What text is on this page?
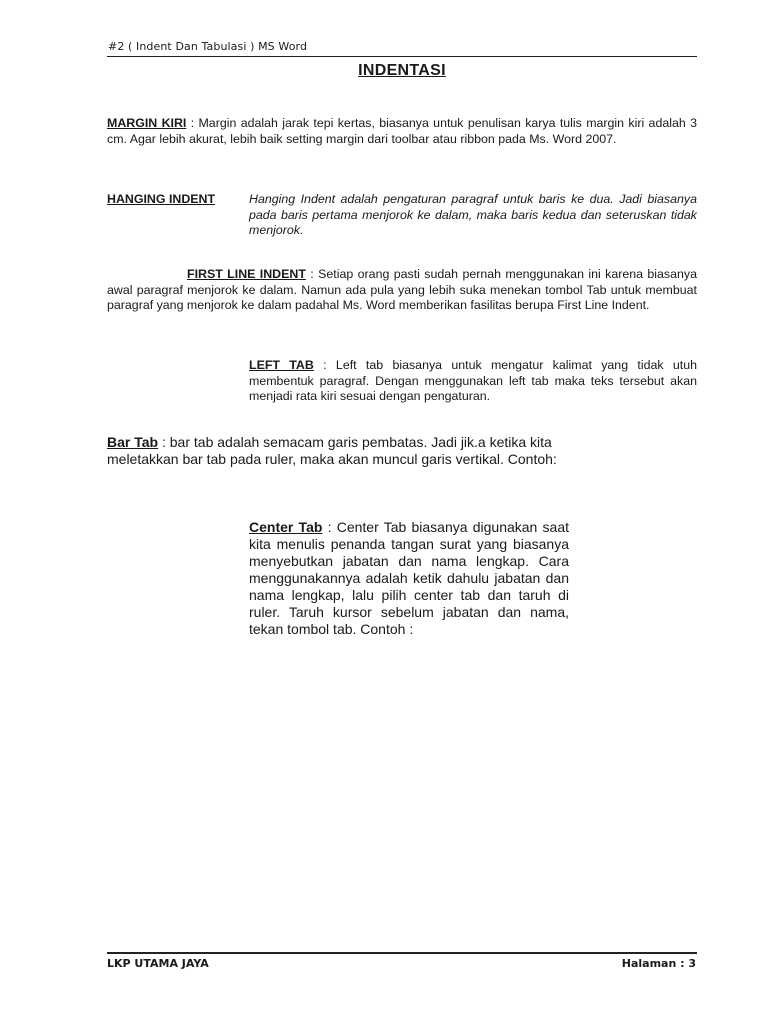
#2 ( Indent Dan Tabulasi ) MS Word
INDENTASI
MARGIN KIRI : Margin adalah jarak tepi kertas, biasanya untuk penulisan karya tulis margin kiri adalah 3 cm. Agar lebih akurat, lebih baik setting margin dari toolbar atau ribbon pada Ms. Word 2007.
HANGING INDENT	Hanging Indent adalah pengaturan paragraf untuk baris ke dua. Jadi biasanya pada baris pertama menjorok ke dalam, maka baris kedua dan seteruskan tidak menjorok.
FIRST LINE INDENT : Setiap orang pasti sudah pernah menggunakan ini karena biasanya awal paragraf menjorok ke dalam. Namun ada pula yang lebih suka menekan tombol Tab untuk membuat paragraf yang menjorok ke dalam padahal Ms. Word memberikan fasilitas berupa First Line Indent.
LEFT TAB : Left tab biasanya untuk mengatur kalimat yang tidak utuh membentuk paragraf. Dengan menggunakan left tab maka teks tersebut akan menjadi rata kiri sesuai dengan pengaturan.
Bar Tab : bar tab adalah semacam garis pembatas. Jadi jik.a ketika kita meletakkan bar tab pada ruler, maka akan muncul garis vertikal. Contoh:
Center Tab : Center Tab biasanya digunakan saat kita menulis penanda tangan surat yang biasanya menyebutkan jabatan dan nama lengkap. Cara menggunakannya adalah ketik dahulu jabatan dan nama lengkap, lalu pilih center tab dan taruh di ruler. Taruh kursor sebelum jabatan dan nama, tekan tombol tab. Contoh :
LKP UTAMA JAYA	Halaman : 3
